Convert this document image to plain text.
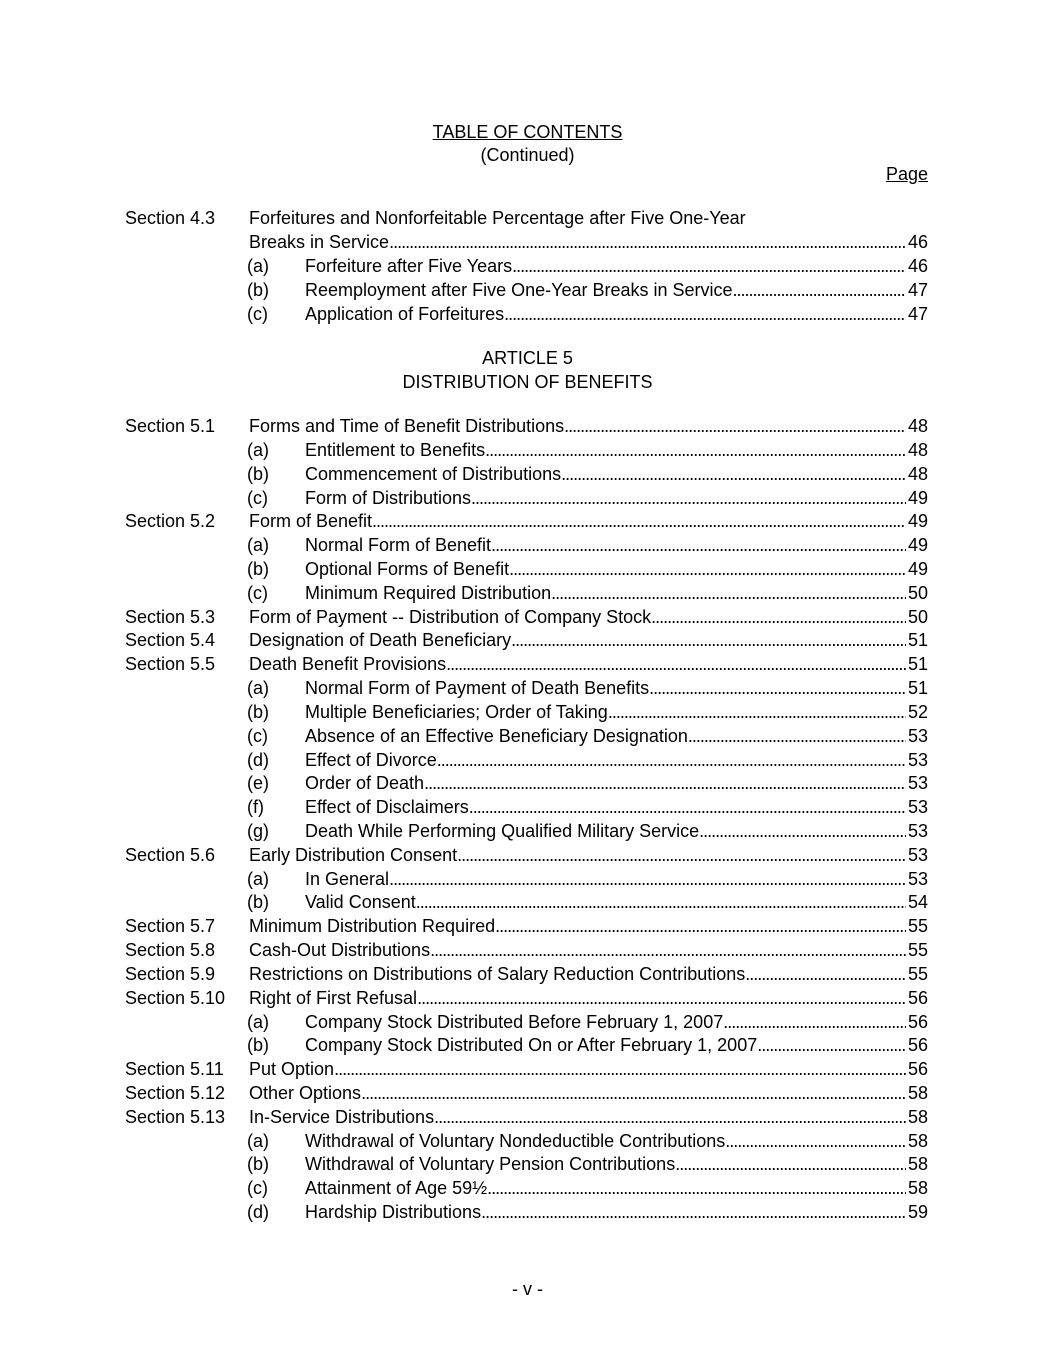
TABLE OF CONTENTS
(Continued)
Page
Section 4.3 Forfeitures and Nonforfeitable Percentage after Five One-Year
Breaks in Service . . .	46
(a) Forfeiture after Five Years . . .	46
(b) Reemployment after Five One-Year Breaks in Service . . .	47
(c) Application of Forfeitures . . .	47
ARTICLE 5
DISTRIBUTION OF BENEFITS
Section 5.1 Forms and Time of Benefit Distributions . . .	48
(a) Entitlement to Benefits . . .	48
(b) Commencement of Distributions . . .	48
(c) Form of Distributions . . .	49
Section 5.2 Form of Benefit . . .	49
(a) Normal Form of Benefit . . .	49
(b) Optional Forms of Benefit . . .	49
(c) Minimum Required Distribution . . .	50
Section 5.3 Form of Payment -- Distribution of Company Stock . . .	50
Section 5.4 Designation of Death Beneficiary . . .	51
Section 5.5 Death Benefit Provisions . . .	51
(a) Normal Form of Payment of Death Benefits . . .	51
(b) Multiple Beneficiaries; Order of Taking . . .	52
(c) Absence of an Effective Beneficiary Designation . . .	53
(d) Effect of Divorce . . .	53
(e) Order of Death . . .	53
(f) Effect of Disclaimers . . .	53
(g) Death While Performing Qualified Military Service . . .	53
Section 5.6 Early Distribution Consent . . .	53
(a) In General . . .	53
(b) Valid Consent . . .	54
Section 5.7 Minimum Distribution Required . . .	55
Section 5.8 Cash-Out Distributions . . .	55
Section 5.9 Restrictions on Distributions of Salary Reduction Contributions . . .	55
Section 5.10 Right of First Refusal . . .	56
(a) Company Stock Distributed Before February 1, 2007 . . .	56
(b) Company Stock Distributed On or After February 1, 2007 . . .	56
Section 5.11 Put Option . . .	56
Section 5.12 Other Options . . .	58
Section 5.13 In-Service Distributions . . .	58
(a) Withdrawal of Voluntary Nondeductible Contributions . . .	58
(b) Withdrawal of Voluntary Pension Contributions . . .	58
(c) Attainment of Age 59½ . . .	58
(d) Hardship Distributions . . .	59
- v -
